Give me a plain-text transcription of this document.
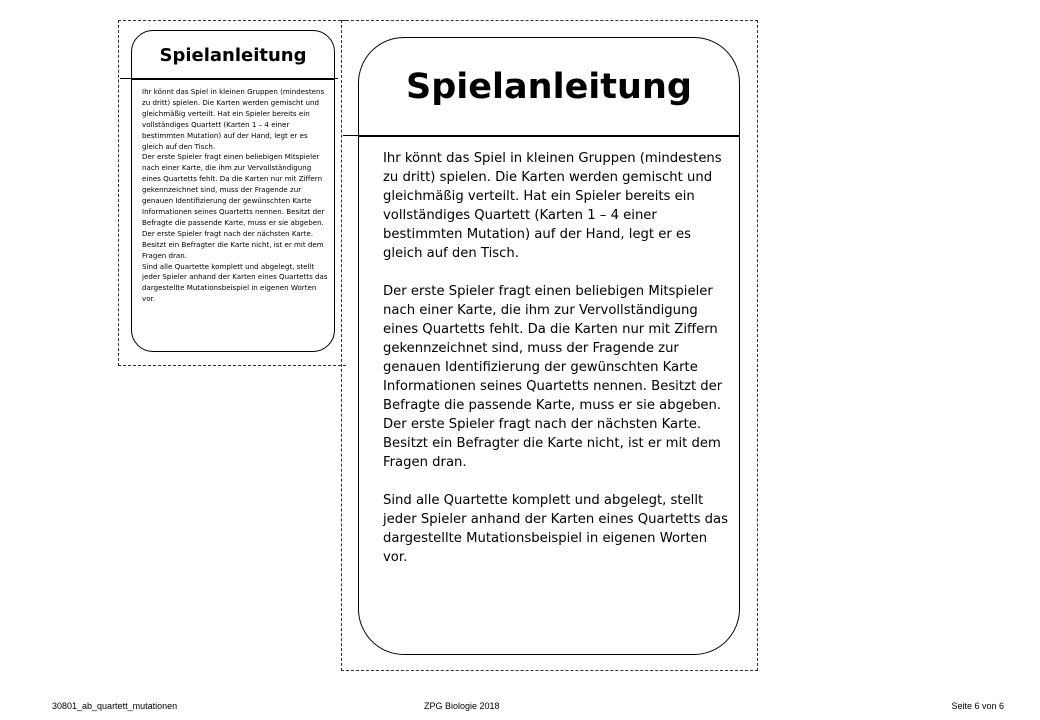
Spielanleitung

Ihr könnt das Spiel in kleinen Gruppen (mindestens zu dritt) spielen. Die Karten werden gemischt und gleichmäßig verteilt. Hat ein Spieler bereits ein vollständiges Quartett (Karten 1 – 4 einer bestimmten Mutation) auf der Hand, legt er es gleich auf den Tisch.

Der erste Spieler fragt einen beliebigen Mitspieler nach einer Karte, die ihm zur Vervollständigung eines Quartetts fehlt. Da die Karten nur mit Ziffern gekennzeichnet sind, muss der Fragende zur genauen Identifizierung der gewünschten Karte Informationen seines Quartetts nennen. Besitzt der Befragte die passende Karte, muss er sie abgeben. Der erste Spieler fragt nach der nächsten Karte. Besitzt ein Befragter die Karte nicht, ist er mit dem Fragen dran.

Sind alle Quartette komplett und abgelegt, stellt jeder Spieler anhand der Karten eines Quartetts das dargestellte Mutationsbeispiel in eigenen Worten vor.

Spielanleitung

Ihr könnt das Spiel in kleinen Gruppen (mindestens zu dritt) spielen. Die Karten werden gemischt und gleichmäßig verteilt. Hat ein Spieler bereits ein vollständiges Quartett (Karten 1 – 4 einer bestimmten Mutation) auf der Hand, legt er es gleich auf den Tisch.

Der erste Spieler fragt einen beliebigen Mitspieler nach einer Karte, die ihm zur Vervollständigung eines Quartetts fehlt. Da die Karten nur mit Ziffern gekennzeichnet sind, muss der Fragende zur genauen Identifizierung der gewünschten Karte Informationen seines Quartetts nennen. Besitzt der Befragte die passende Karte, muss er sie abgeben. Der erste Spieler fragt nach der nächsten Karte. Besitzt ein Befragter die Karte nicht, ist er mit dem Fragen dran.

Sind alle Quartette komplett und abgelegt, stellt jeder Spieler anhand der Karten eines Quartetts das dargestellte Mutationsbeispiel in eigenen Worten vor.

30801_ab_quartett_mutationen	ZPG Biologie 2018	Seite 6 von 6
